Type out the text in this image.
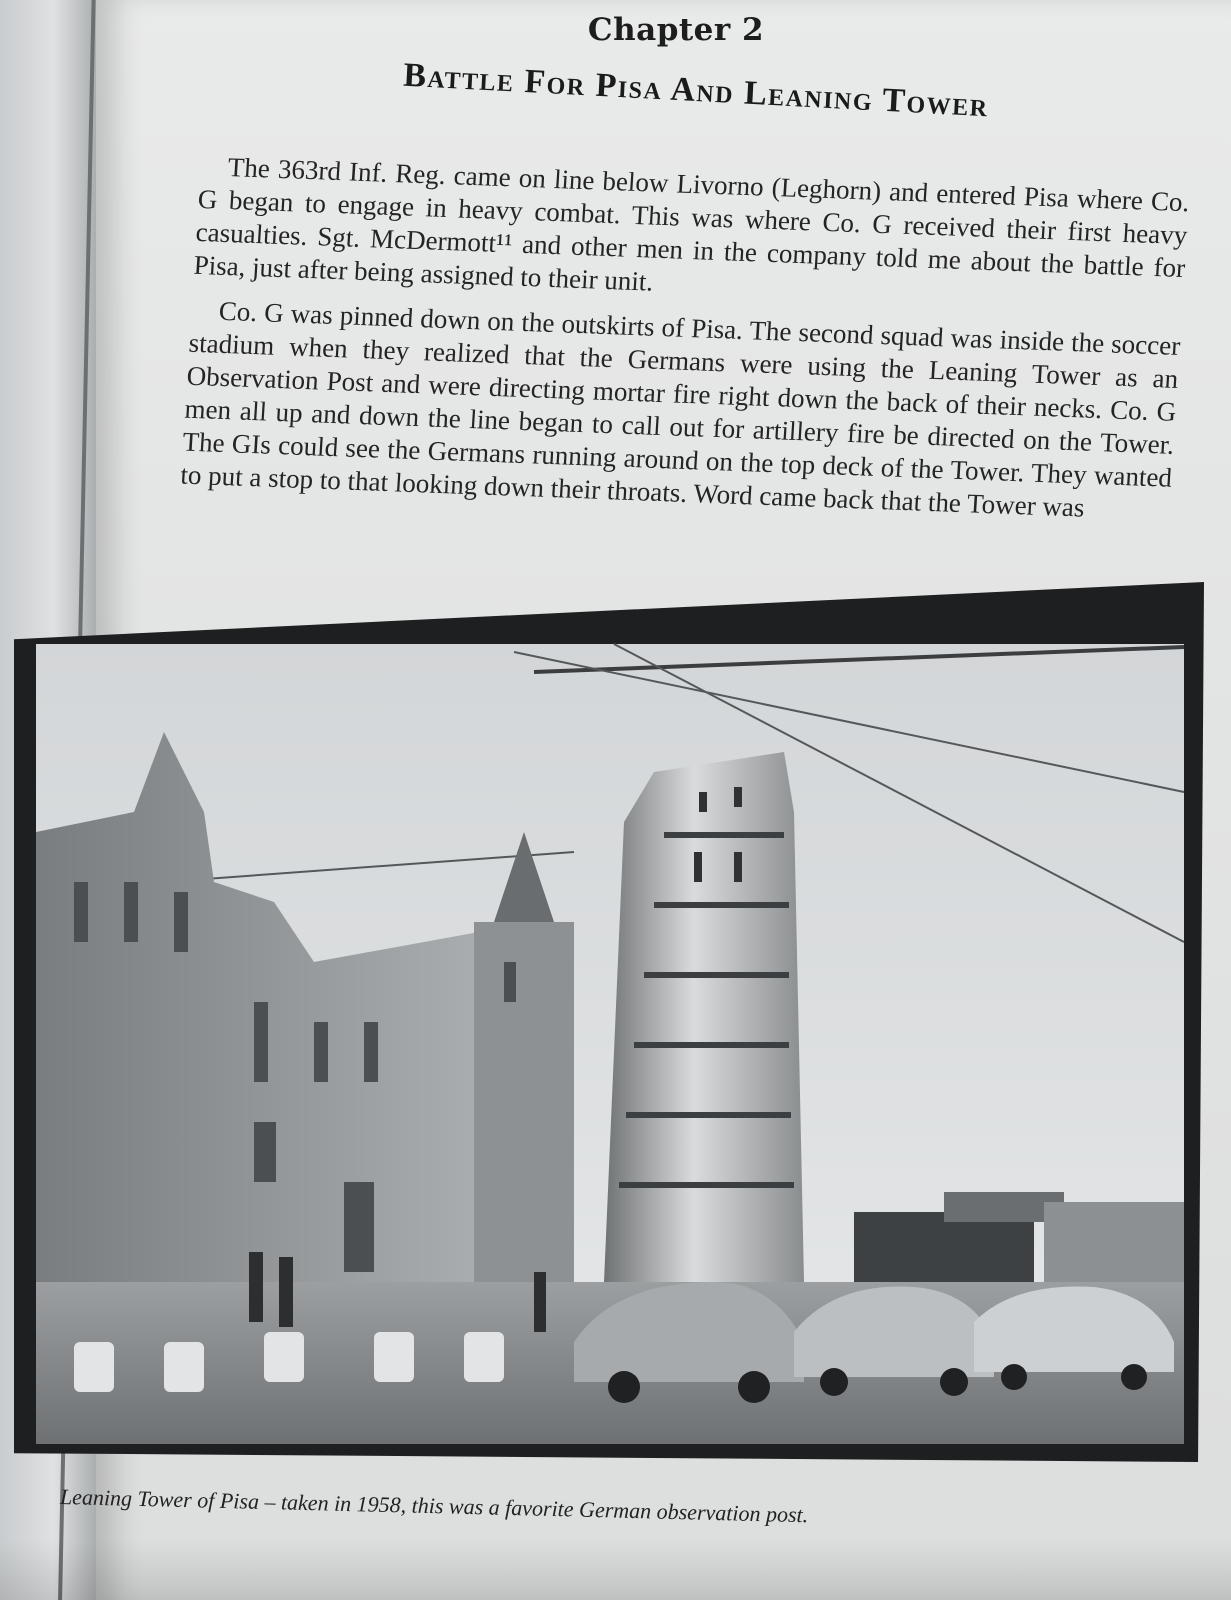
Chapter 2
Battle For Pisa And Leaning Tower

The 363rd Inf. Reg. came on line below Livorno (Leghorn) and entered Pisa where Co. G began to engage in heavy combat. This was where Co. G received their first heavy casualties. Sgt. McDermott¹¹ and other men in the company told me about the battle for Pisa, just after being assigned to their unit.

Co. G was pinned down on the outskirts of Pisa. The second squad was inside the soccer stadium when they realized that the Germans were using the Leaning Tower as an Observation Post and were directing mortar fire right down the back of their necks. Co. G men all up and down the line began to call out for artillery fire be directed on the Tower. The GIs could see the Germans running around on the top deck of the Tower. They wanted to put a stop to that looking down their throats. Word came back that the Tower was

Leaning Tower of Pisa – taken in 1958, this was a favorite German observation post.
